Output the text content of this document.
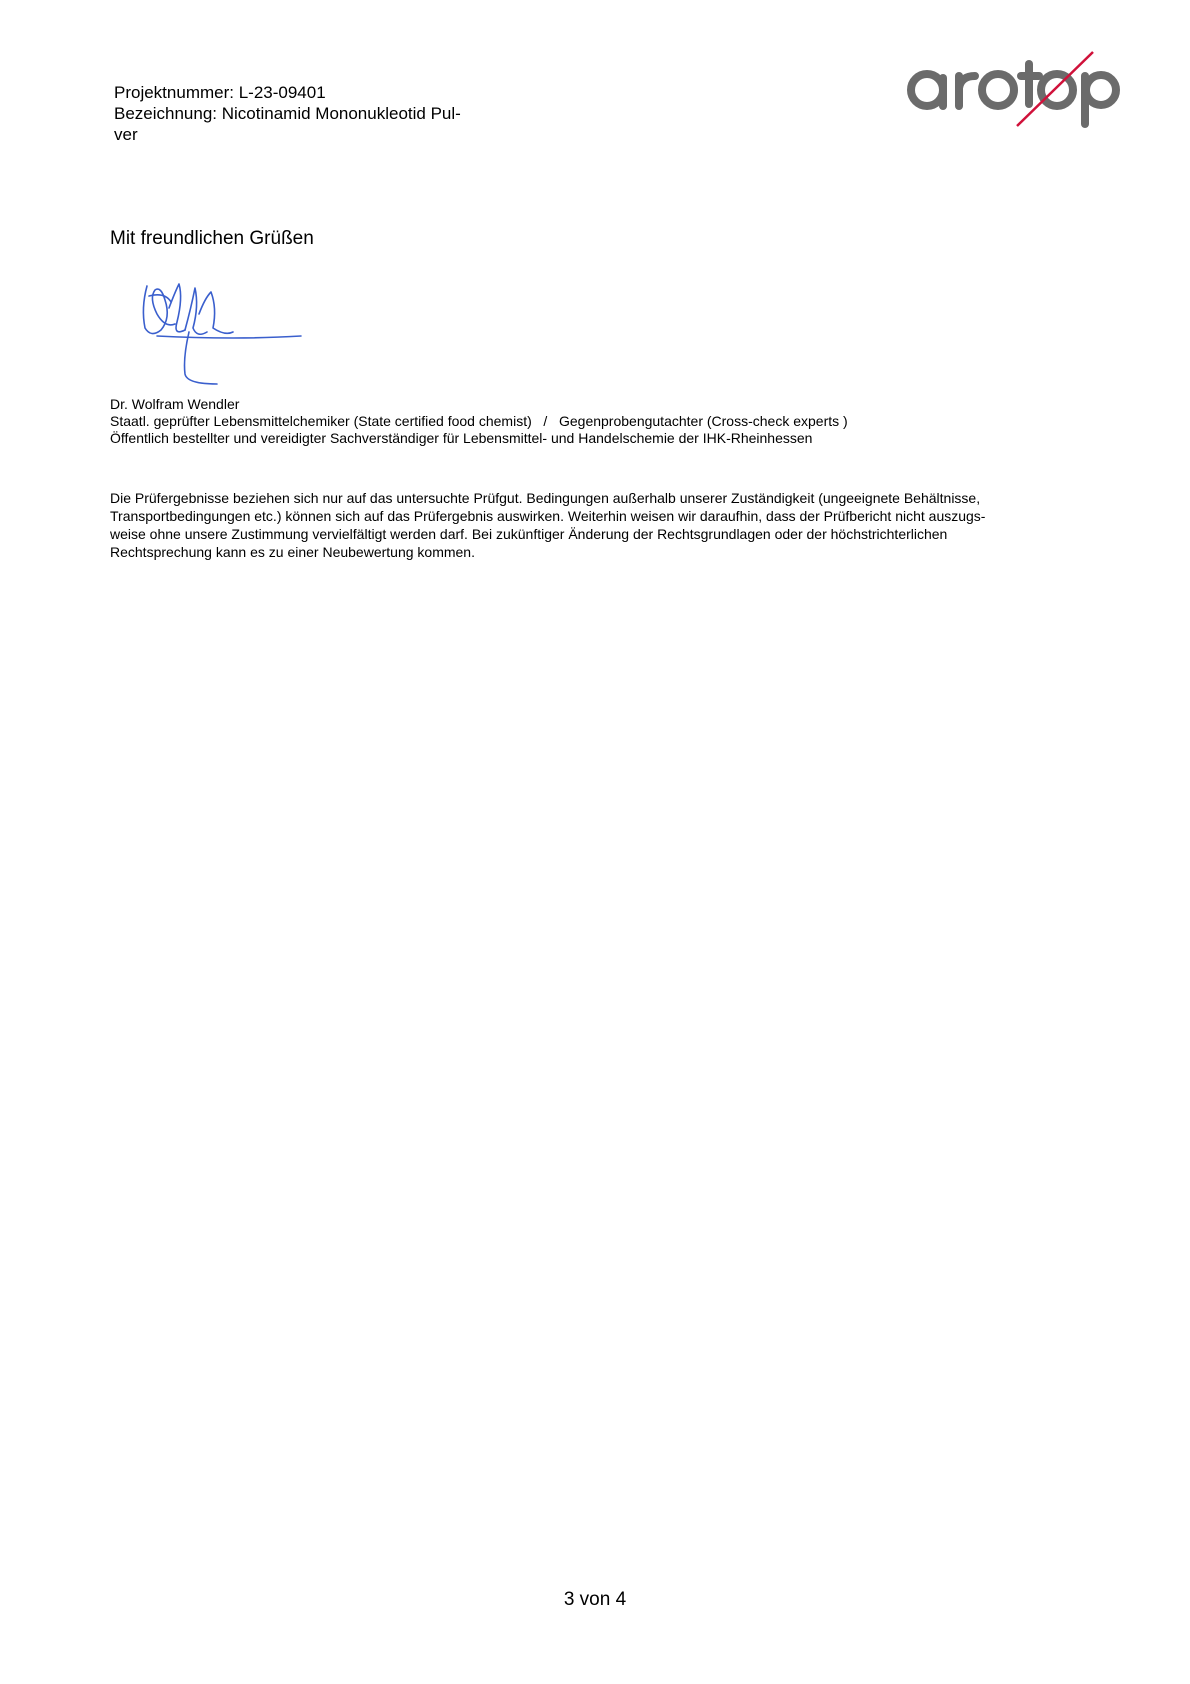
Projektnummer: L-23-09401
Bezeichnung: Nicotinamid Mononukleotid Pul-
ver
Mit freundlichen Grüßen
Dr. Wolfram Wendler
Staatl. geprüfter Lebensmittelchemiker (State certified food chemist)   /   Gegenprobengutachter (Cross-check experts )
Öffentlich bestellter und vereidigter Sachverständiger für Lebensmittel- und Handelschemie der IHK-Rheinhessen
Die Prüfergebnisse beziehen sich nur auf das untersuchte Prüfgut. Bedingungen außerhalb unserer Zuständigkeit (ungeeignete Behältnisse,
Transportbedingungen etc.) können sich auf das Prüfergebnis auswirken. Weiterhin weisen wir daraufhin, dass der Prüfbericht nicht auszugs-
weise ohne unsere Zustimmung vervielfältigt werden darf. Bei zukünftiger Änderung der Rechtsgrundlagen oder der höchstrichterlichen
Rechtsprechung kann es zu einer Neubewertung kommen.
3 von 4
